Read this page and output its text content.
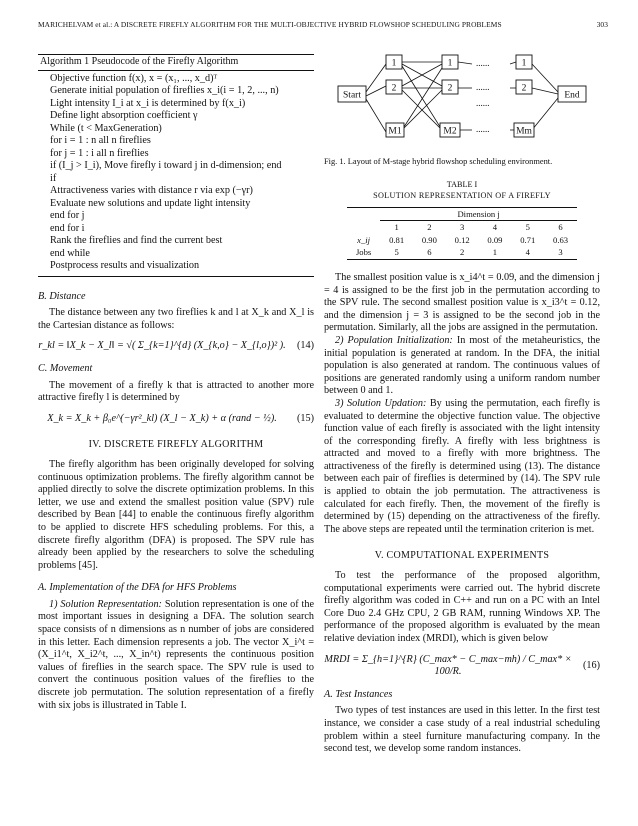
MARICHELVAM et al.: A DISCRETE FIREFLY ALGORITHM FOR THE MULTI-OBJECTIVE HYBRID FLOWSHOP SCHEDULING PROBLEMS	303
Algorithm 1 Pseudocode of the Firefly Algorithm
Objective function f(x), x = (x₁, ..., x_d)ᵀ
Generate initial population of fireflies x_i(i = 1, 2, ..., n)
Light intensity I_i at x_i is determined by f(x_i)
Define light absorption coefficient γ
While (t < MaxGeneration)
for i = 1 : n all n fireflies
for j = 1 : i all n fireflies
if (I_j > I_i), Move firefly i toward j in d-dimension; end
if
Attractiveness varies with distance r via exp (−γr)
Evaluate new solutions and update light intensity
end for j
end for i
Rank the fireflies and find the current best
end while
Postprocess results and visualization
B. Distance

The distance between any two fireflies k and l at X_k and X_l is the Cartesian distance as follows:

r_kl = ‖X_k − X_l‖ = √( Σ_{k=1}^{d} (X_{k,o} − X_{l,o})² ).	(14)
C. Movement

The movement of a firefly k that is attracted to another more attractive firefly l is determined by

X_k = X_k + β₀e^(−γr²_kl) (X_l − X_k) + α (rand − ½).	(15)
IV. DISCRETE FIREFLY ALGORITHM

The firefly algorithm has been originally developed for solving continuous optimization problems. The firefly algorithm cannot be applied directly to solve the discrete optimization problems. In this letter, we use and extend the smallest position value (SPV) rule described by Bean [44] to enable the continuous firefly algorithm to be applied to discrete HFS scheduling problems. For this, a discrete firefly algorithm (DFA) is proposed. The SPV rule has already been applied by the researchers to solve the scheduling problems [45].

A. Implementation of the DFA for HFS Problems

1) Solution Representation: Solution representation is one of the most important issues in designing a DFA. The solution search space consists of n dimensions as n number of jobs are considered in this letter. Each dimension represents a job. The vector X_i^t = (X_i1^t, X_i2^t, ..., X_in^t) represents the continuous position values of fireflies in the search space. The SPV rule is used to convert the continuous position values of the fireflies to the discrete job permutation. The solution representation of a firefly with six jobs is illustrated in Table I.

......
......
......
......
Start
1
2
1
2
1
2
M1	M2	Mm
End
Fig. 1. Layout of M-stage hybrid flowshop scheduling environment.
TABLE I
SOLUTION REPRESENTATION OF A FIREFLY
	Dimension j					
	1	2	3	4	5	6
x_ij	0.81	0.90	0.12	0.09	0.71	0.63
Jobs	5	6	2	1	4	3

The smallest position value is x_i4^t = 0.09, and the dimension j = 4 is assigned to be the first job in the permutation according to the SPV rule. The second smallest position value is x_i3^t = 0.12, and the dimension j = 3 is assigned to be the second job in the permutation. Similarly, all the jobs are assigned in the permutation.

2) Population Initialization: In most of the metaheuristics, the initial population is generated at random. In the DFA, the initial population is also generated at random. The continuous values of positions are generated randomly using a uniform random number between 0 and 1.

3) Solution Updation: By using the permutation, each firefly is evaluated to determine the objective function value. The objective function value of each firefly is associated with the light intensity of the corresponding firefly. A firefly with less brightness is attracted and moved to a firefly with more brightness. The attractiveness of the firefly is determined using (13). The distance between each pair of fireflies is determined by (14). The SPV rule is applied to obtain the job permutation. The attractiveness is calculated for each firefly. Then, the movement of the firefly is determined by (15) depending on the attractiveness of the firefly. The above steps are repeated until the termination criterion is met.

V. COMPUTATIONAL EXPERIMENTS

To test the performance of the proposed algorithm, computational experiments were carried out. The hybrid discrete firefly algorithm was coded in C++ and run on a PC with an Intel Core Duo 2.4 GHz CPU, 2 GB RAM, running Windows XP. The performance of the proposed algorithm is evaluated by the mean relative deviation index (MRDI), which is given below

MRDI = Σ_{h=1}^{R} (C_max* − C_max−mh) / C_max* × 100/R.
(16)
A. Test Instances

Two types of test instances are used in this letter. In the first test instance, we consider a case study of a real industrial scheduling problem within a steel furniture manufacturing company. In the second test, we develop some random instances.
